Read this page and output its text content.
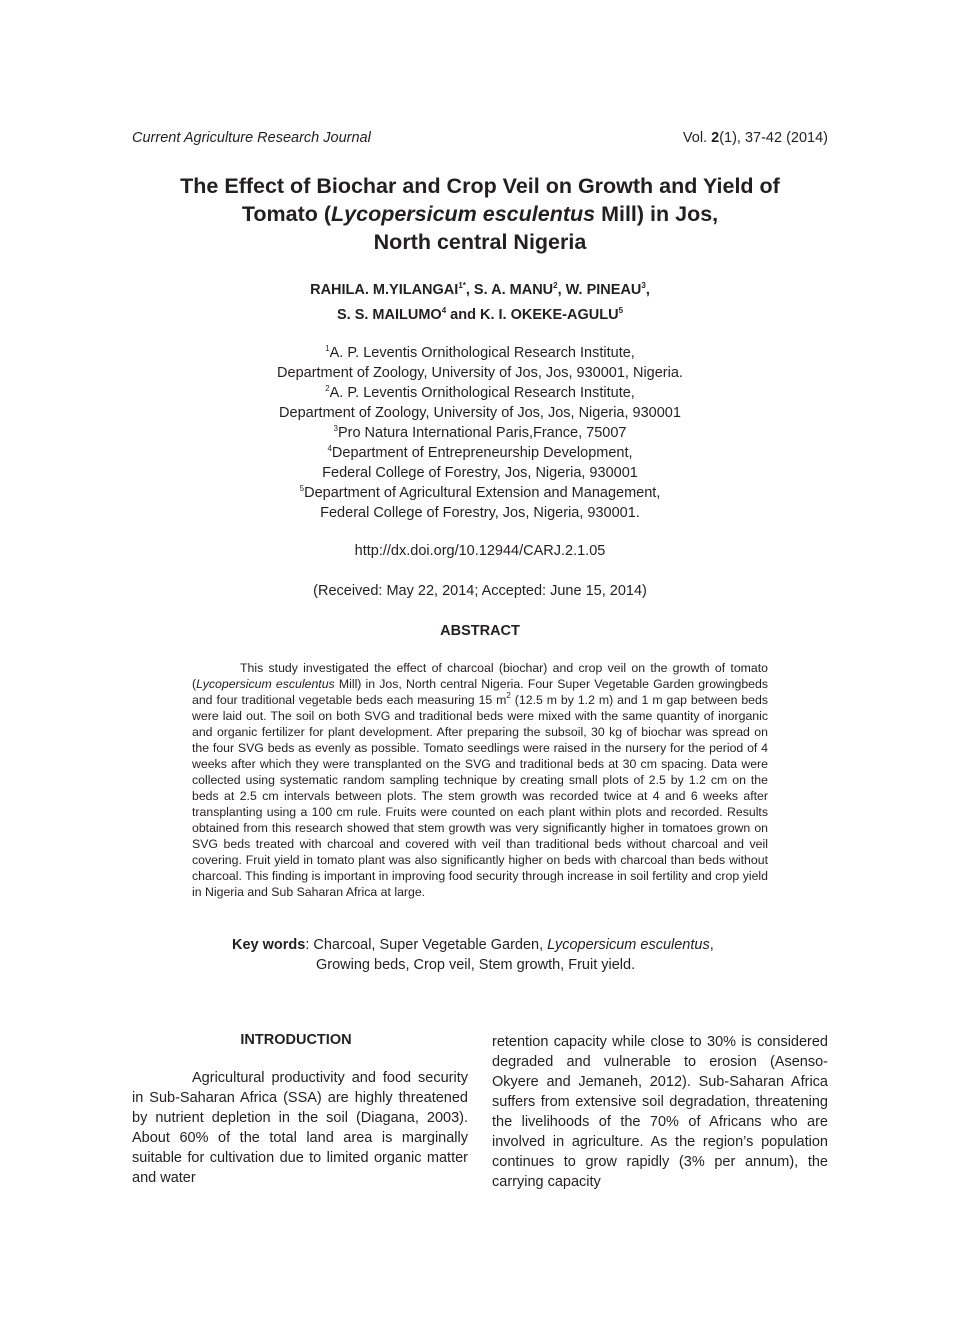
Current Agriculture Research Journal	Vol. 2(1), 37-42 (2014)
The Effect of Biochar and Crop Veil on Growth and Yield of
Tomato (Lycopersicum esculentus Mill) in Jos,
North central Nigeria
RAHILA. $M.YILANGAI^{1*}$, S. A. MANU$^2$, W. PINEAU$^3$,
S. S. MAILUMO$^4$ and K. I. OKEKE-AGULU$^5$
$^1$A. P. Leventis Ornithological Research Institute,
Department of Zoology, University of Jos, Jos, 930001, Nigeria.
$^2$A. P. Leventis Ornithological Research Institute,
Department of Zoology, University of Jos, Jos, Nigeria, 930001
$^3$Pro Natura International Paris,France, 75007
$^4$Department of Entrepreneurship Development,
Federal College of Forestry, Jos, Nigeria, 930001
$^5$Department of Agricultural Extension and Management,
Federal College of Forestry, Jos, Nigeria, 930001.
http://dx.doi.org/10.12944/CARJ.2.1.05
(Received: May 22, 2014; Accepted: June 15, 2014)
ABSTRACT

This study investigated the effect of charcoal (biochar) and crop veil on the growth of tomato (Lycopersicum esculentus Mill) in Jos, North central Nigeria. Four Super Vegetable Garden growingbeds and four traditional vegetable beds each measuring 15 $m^2$ (12.5 m by 1.2 m) and 1 m gap between beds were laid out. The soil on both SVG and traditional beds were mixed with the same quantity of inorganic and organic fertilizer for plant development. After preparing the subsoil, 30 kg of biochar was spread on the four SVG beds as evenly as possible. Tomato seedlings were raised in the nursery for the period of 4 weeks after which they were transplanted on the SVG and traditional beds at 30 cm spacing. Data were collected using systematic random sampling technique by creating small plots of 2.5 by 1.2 cm on the beds at 2.5 cm intervals between plots. The stem growth was recorded twice at 4 and 6 weeks after transplanting using a 100 cm rule. Fruits were counted on each plant within plots and recorded. Results obtained from this research showed that stem growth was very significantly higher in tomatoes grown on SVG beds treated with charcoal and covered with veil than traditional beds without charcoal and veil covering. Fruit yield in tomato plant was also significantly higher on beds with charcoal than beds without charcoal. This finding is important in improving food security through increase in soil fertility and crop yield in Nigeria and Sub Saharan Africa at large.

Key words: Charcoal, Super Vegetable Garden, Lycopersicum esculentus,
Growing beds, Crop veil, Stem growth, Fruit yield.
INTRODUCTION

Agricultural productivity and food security in Sub-Saharan Africa (SSA) are highly threatened by nutrient depletion in the soil (Diagana, 2003). About 60% of the total land area is marginally suitable for cultivation due to limited organic matter and water

retention capacity while close to 30% is considered degraded and vulnerable to erosion (Asenso-Okyere and Jemaneh, 2012). Sub-Saharan Africa suffers from extensive soil degradation, threatening the livelihoods of the 70% of Africans who are involved in agriculture. As the region’s population continues to grow rapidly (3% per annum), the carrying capacity
